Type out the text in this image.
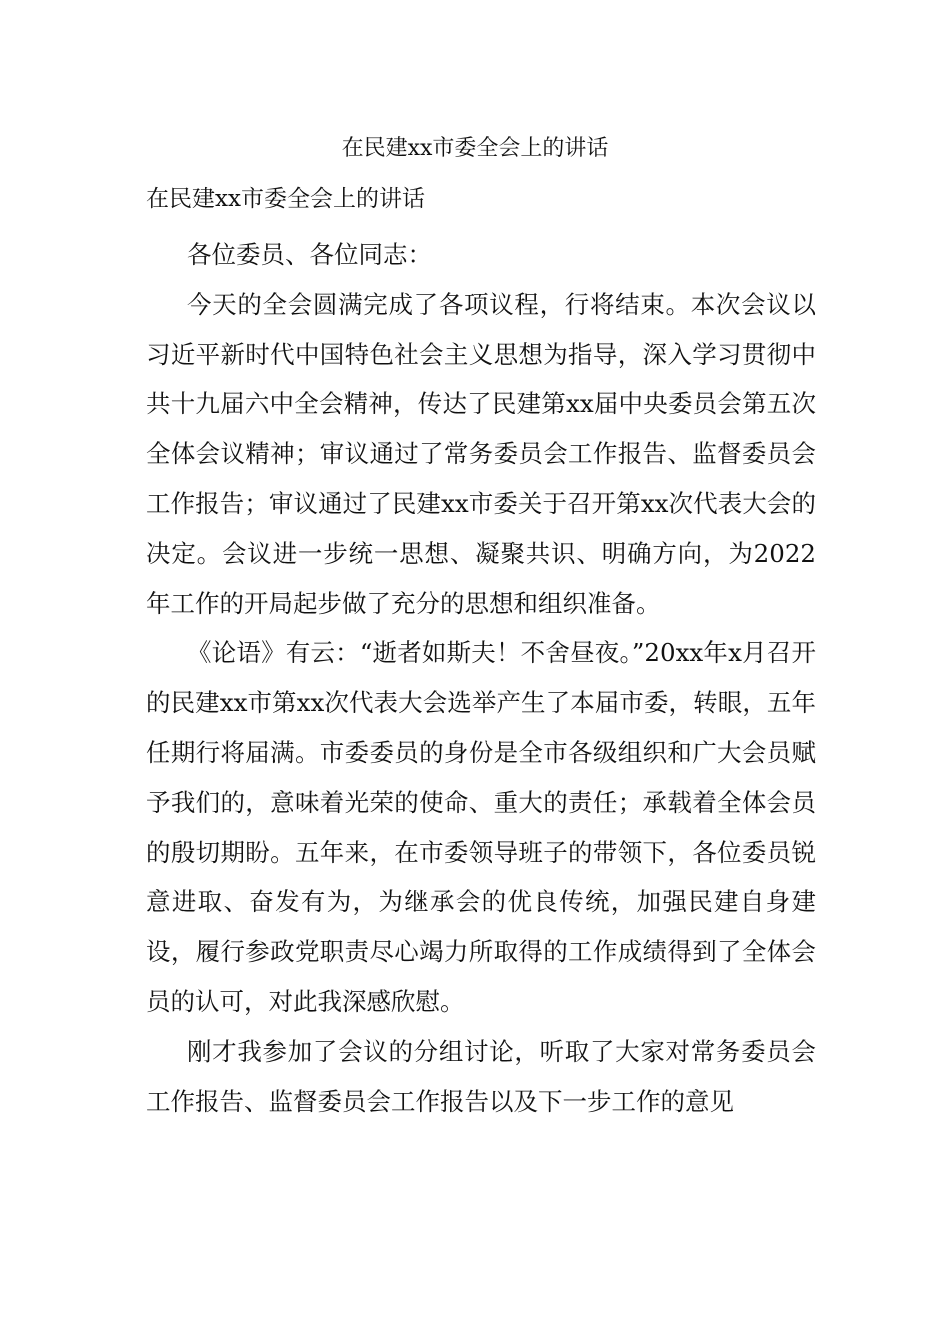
在民建xx市委全会上的讲话

在民建xx市委全会上的讲话

各位委员、各位同志：

今天的全会圆满完成了各项议程，行将结束。本次会议以习近平新时代中国特色社会主义思想为指导，深入学习贯彻中共十九届六中全会精神，传达了民建第xx届中央委员会第五次全体会议精神；审议通过了常务委员会工作报告、监督委员会工作报告；审议通过了民建xx市委关于召开第xx次代表大会的决定。会议进一步统一思想、凝聚共识、明确方向，为2022年工作的开局起步做了充分的思想和组织准备。

《论语》有云：“逝者如斯夫！不舍昼夜。”20xx年x月召开的民建xx市第xx次代表大会选举产生了本届市委，转眼，五年任期行将届满。市委委员的身份是全市各级组织和广大会员赋予我们的，意味着光荣的使命、重大的责任；承载着全体会员的殷切期盼。五年来，在市委领导班子的带领下，各位委员锐意进取、奋发有为，为继承会的优良传统，加强民建自身建设，履行参政党职责尽心竭力所取得的工作成绩得到了全体会员的认可，对此我深感欣慰。

刚才我参加了会议的分组讨论，听取了大家对常务委员会工作报告、监督委员会工作报告以及下一步工作的意见
